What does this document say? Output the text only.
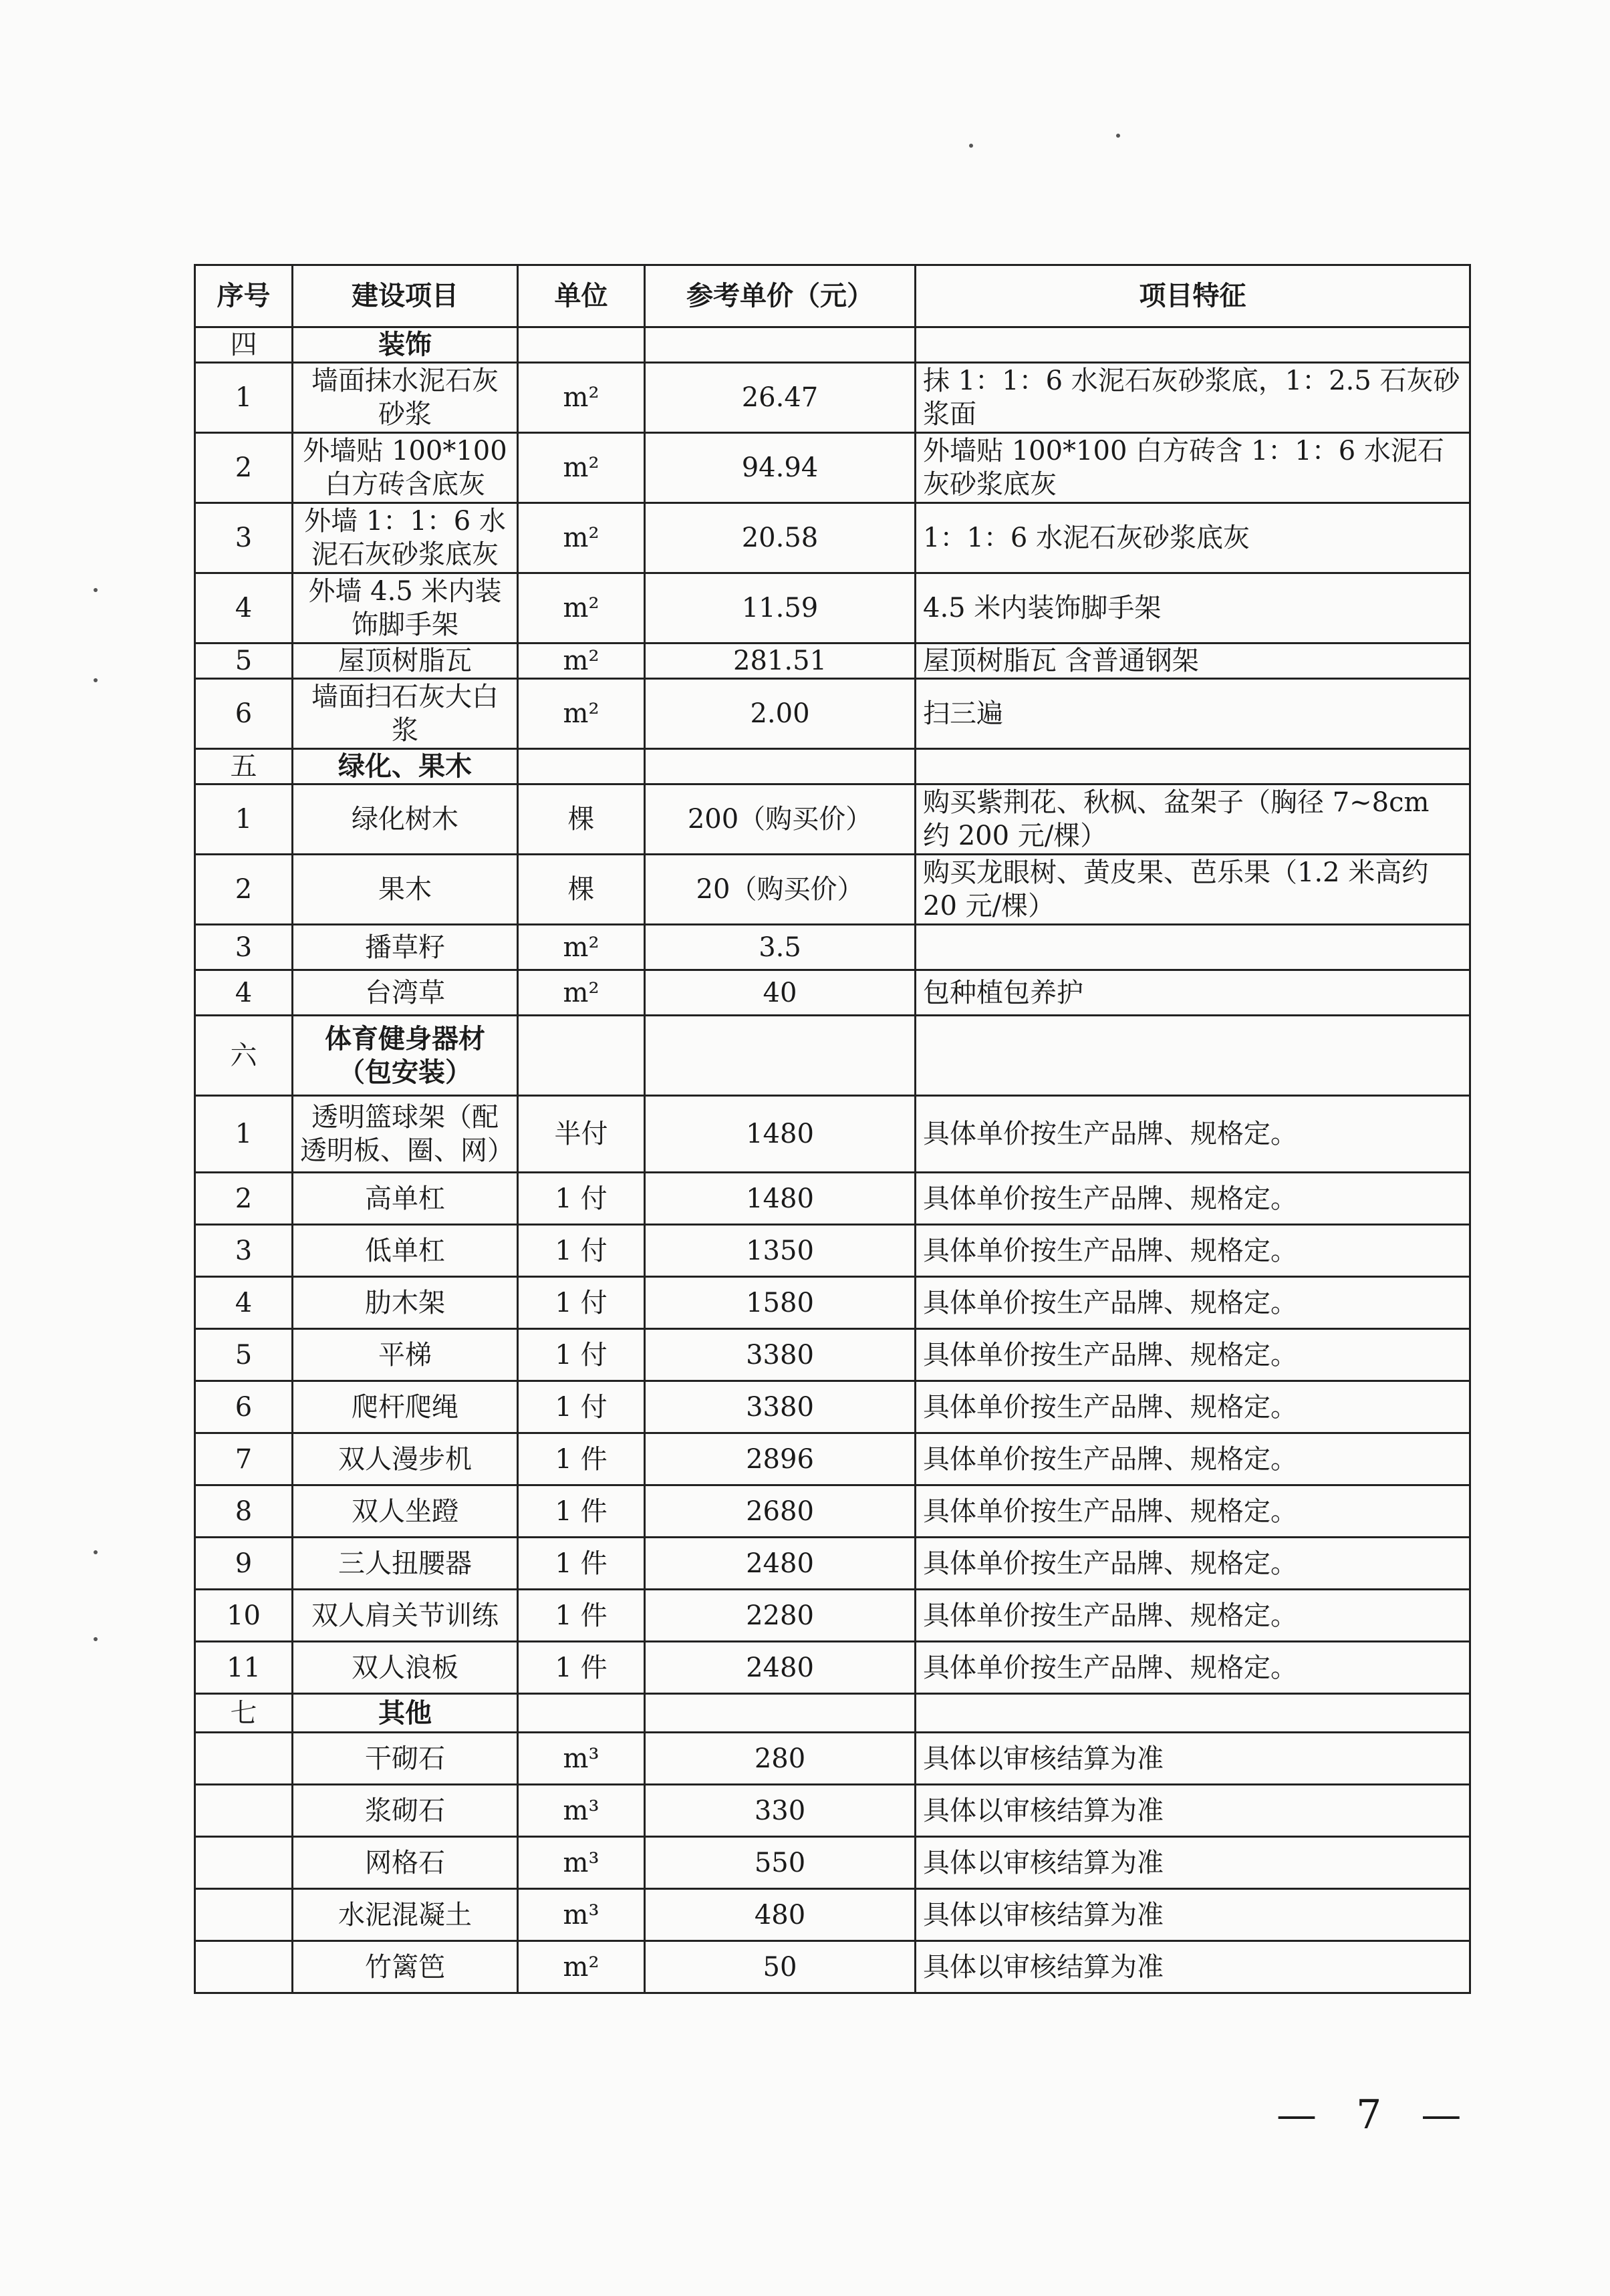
序号	建设项目	单位	参考单价（元）	项目特征
四	装饰			
1	墙面抹水泥石灰砂浆	m²	26.47	抹 1：1：6 水泥石灰砂浆底，1：2.5 石灰砂浆面
2	外墙贴 100*100 白方砖含底灰	m²	94.94	外墙贴 100*100 白方砖含 1：1：6 水泥石灰砂浆底灰
3	外墙 1：1：6 水泥石灰砂浆底灰	m²	20.58	1：1：6 水泥石灰砂浆底灰
4	外墙 4.5 米内装饰脚手架	m²	11.59	4.5 米内装饰脚手架
5	屋顶树脂瓦	m²	281.51	屋顶树脂瓦 含普通钢架
6	墙面扫石灰大白浆	m²	2.00	扫三遍
五	绿化、果木			
1	绿化树木	棵	200（购买价）	购买紫荆花、秋枫、盆架子（胸径 7~8cm 约 200 元/棵）
2	果木	棵	20（购买价）	购买龙眼树、黄皮果、芭乐果（1.2 米高约 20 元/棵）
3	播草籽	m²	3.5	
4	台湾草	m²	40	包种植包养护
六	体育健身器材（包安装）			
1	透明篮球架（配透明板、圈、网）	半付	1480	具体单价按生产品牌、规格定。
2	高单杠	1 付	1480	具体单价按生产品牌、规格定。
3	低单杠	1 付	1350	具体单价按生产品牌、规格定。
4	肋木架	1 付	1580	具体单价按生产品牌、规格定。
5	平梯	1 付	3380	具体单价按生产品牌、规格定。
6	爬杆爬绳	1 付	3380	具体单价按生产品牌、规格定。
7	双人漫步机	1 件	2896	具体单价按生产品牌、规格定。
8	双人坐蹬	1 件	2680	具体单价按生产品牌、规格定。
9	三人扭腰器	1 件	2480	具体单价按生产品牌、规格定。
10	双人肩关节训练	1 件	2280	具体单价按生产品牌、规格定。
11	双人浪板	1 件	2480	具体单价按生产品牌、规格定。
七	其他			
	干砌石	m³	280	具体以审核结算为准
	浆砌石	m³	330	具体以审核结算为准
	网格石	m³	550	具体以审核结算为准
	水泥混凝土	m³	480	具体以审核结算为准
	竹篱笆	m²	50	具体以审核结算为准
— 7 —
